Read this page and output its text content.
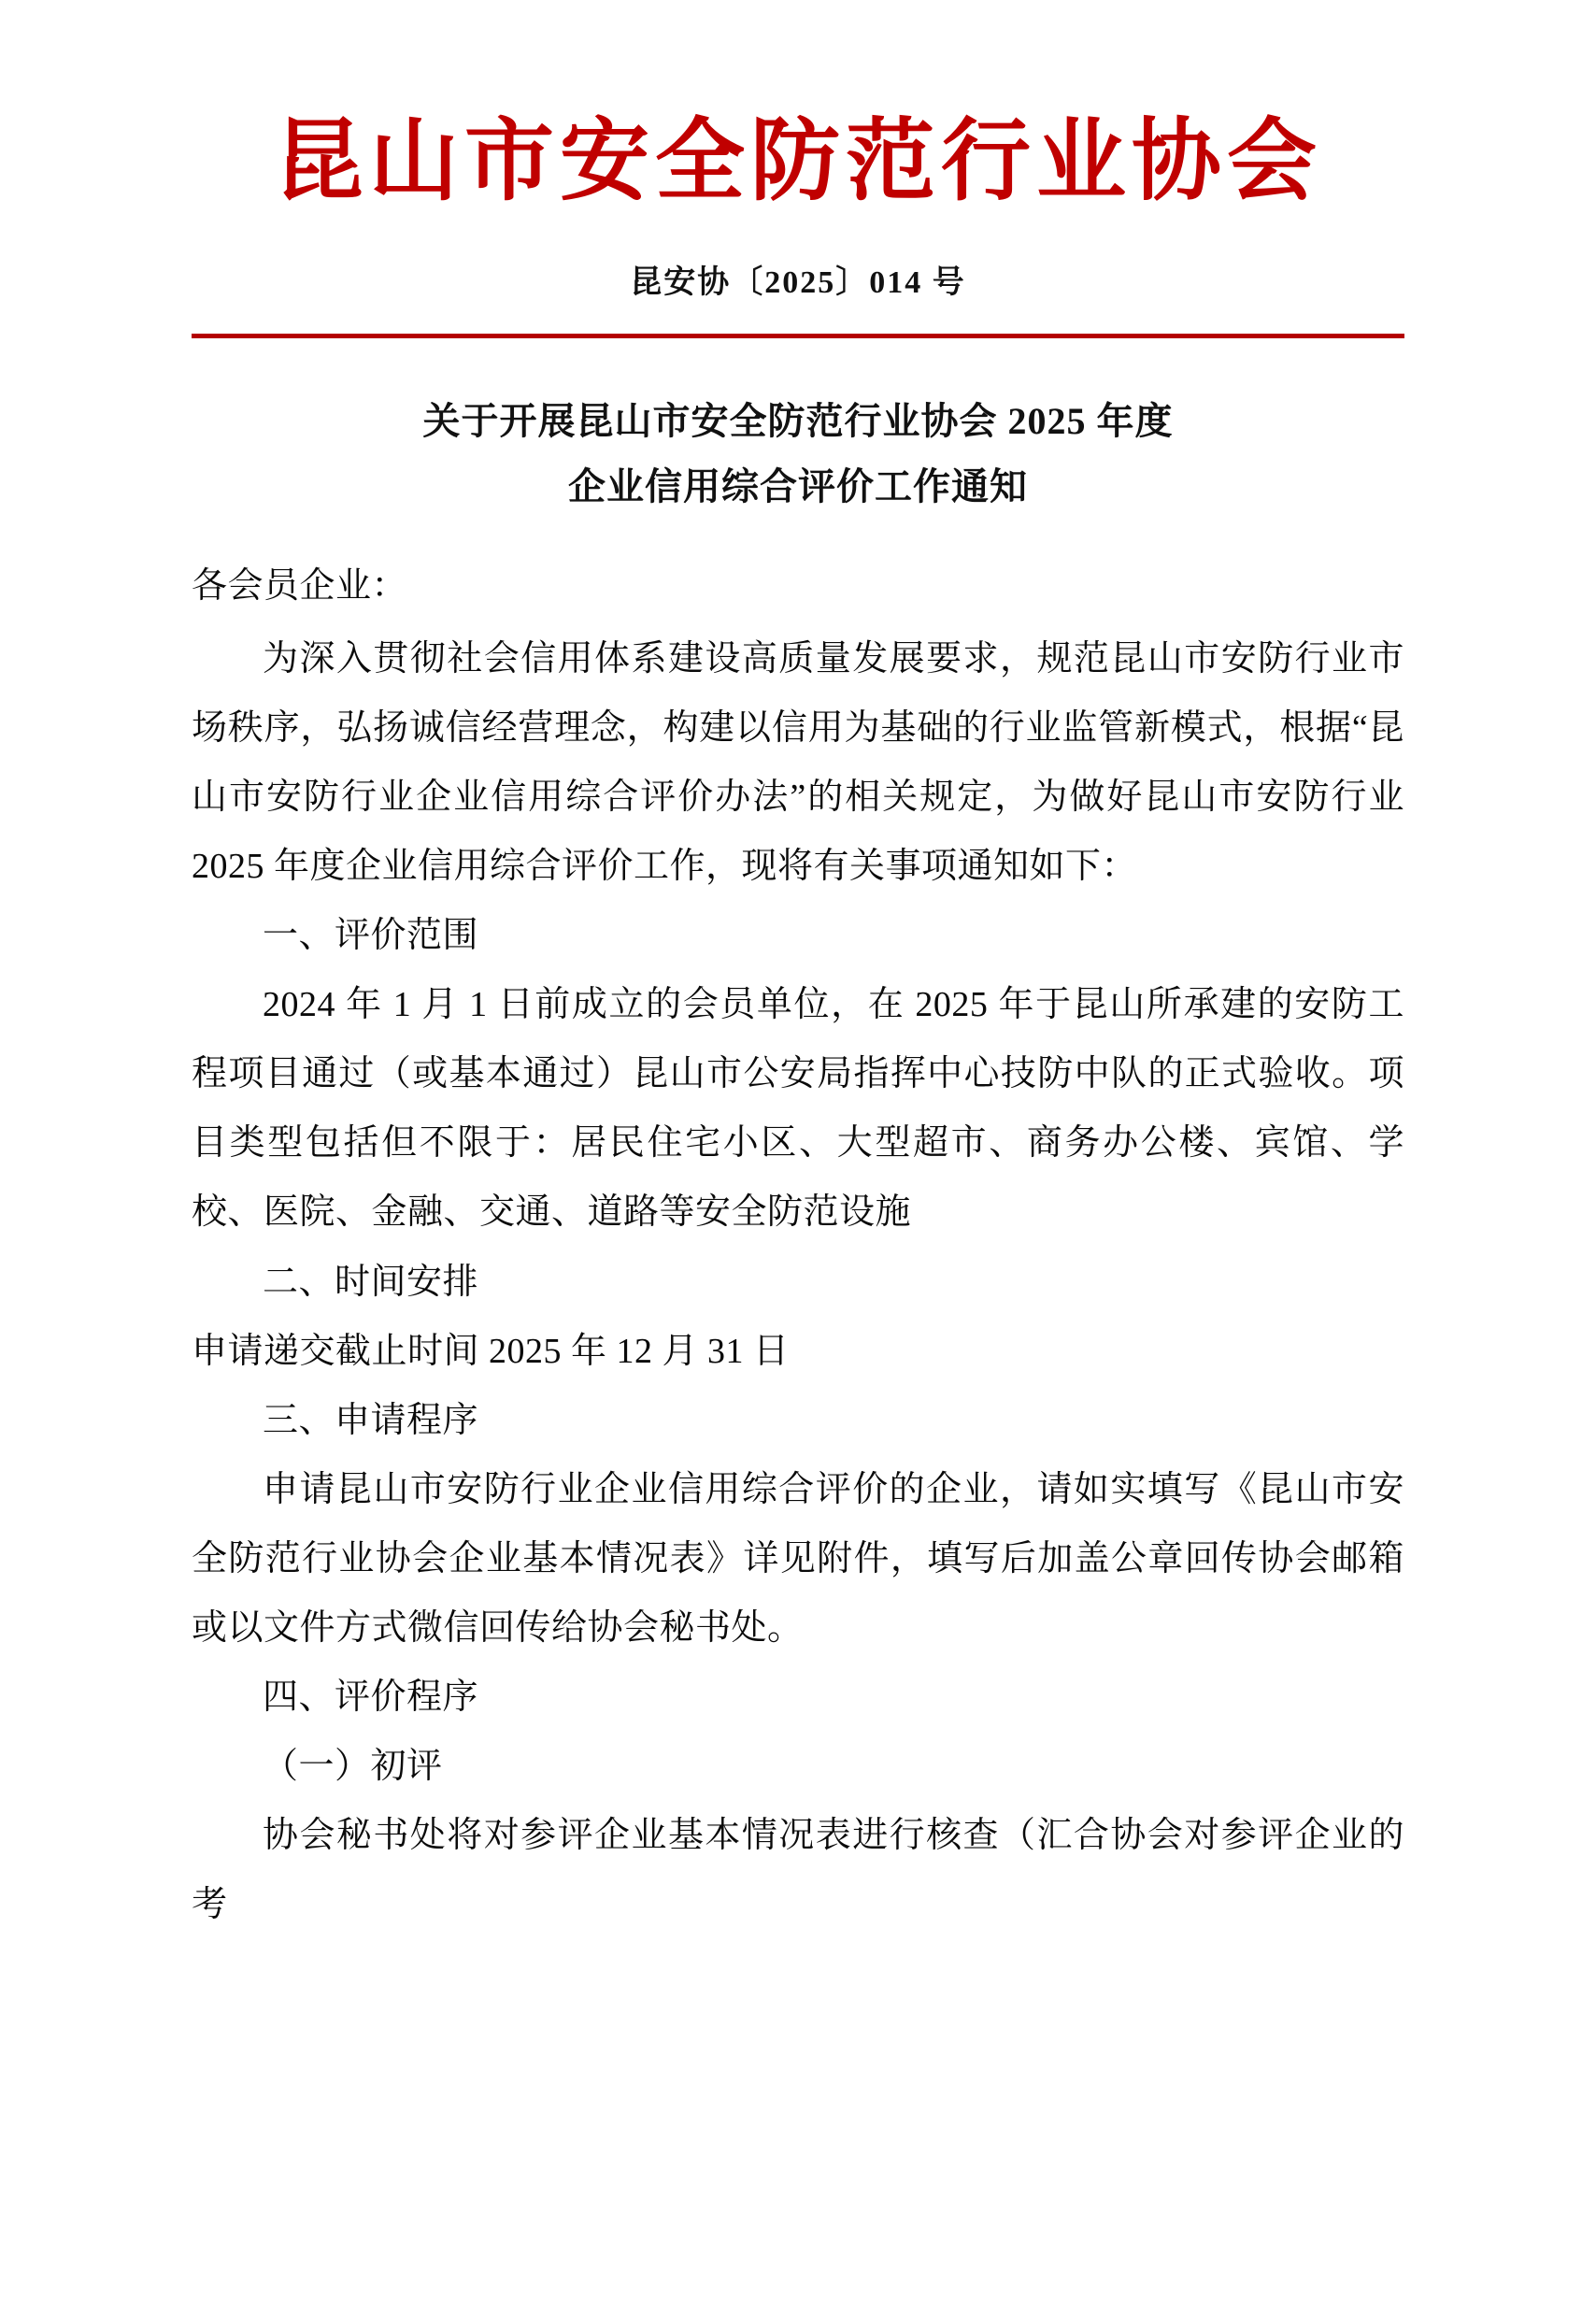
昆山市安全防范行业协会
昆安协〔2025〕014 号
关于开展昆山市安全防范行业协会 2025 年度
企业信用综合评价工作通知

各会员企业：

为深入贯彻社会信用体系建设高质量发展要求，规范昆山市安防行业市场秩序，弘扬诚信经营理念，构建以信用为基础的行业监管新模式，根据“昆山市安防行业企业信用综合评价办法”的相关规定，为做好昆山市安防行业 2025 年度企业信用综合评价工作，现将有关事项通知如下：

一、评价范围

2024 年 1 月 1 日前成立的会员单位，在 2025 年于昆山所承建的安防工程项目通过（或基本通过）昆山市公安局指挥中心技防中队的正式验收。项目类型包括但不限于：居民住宅小区、大型超市、商务办公楼、宾馆、学校、医院、金融、交通、道路等安全防范设施

二、时间安排

申请递交截止时间 2025 年 12 月 31 日

三、申请程序

申请昆山市安防行业企业信用综合评价的企业，请如实填写《昆山市安全防范行业协会企业基本情况表》详见附件，填写后加盖公章回传协会邮箱或以文件方式微信回传给协会秘书处。

四、评价程序

（一）初评

协会秘书处将对参评企业基本情况表进行核查（汇合协会对参评企业的考
